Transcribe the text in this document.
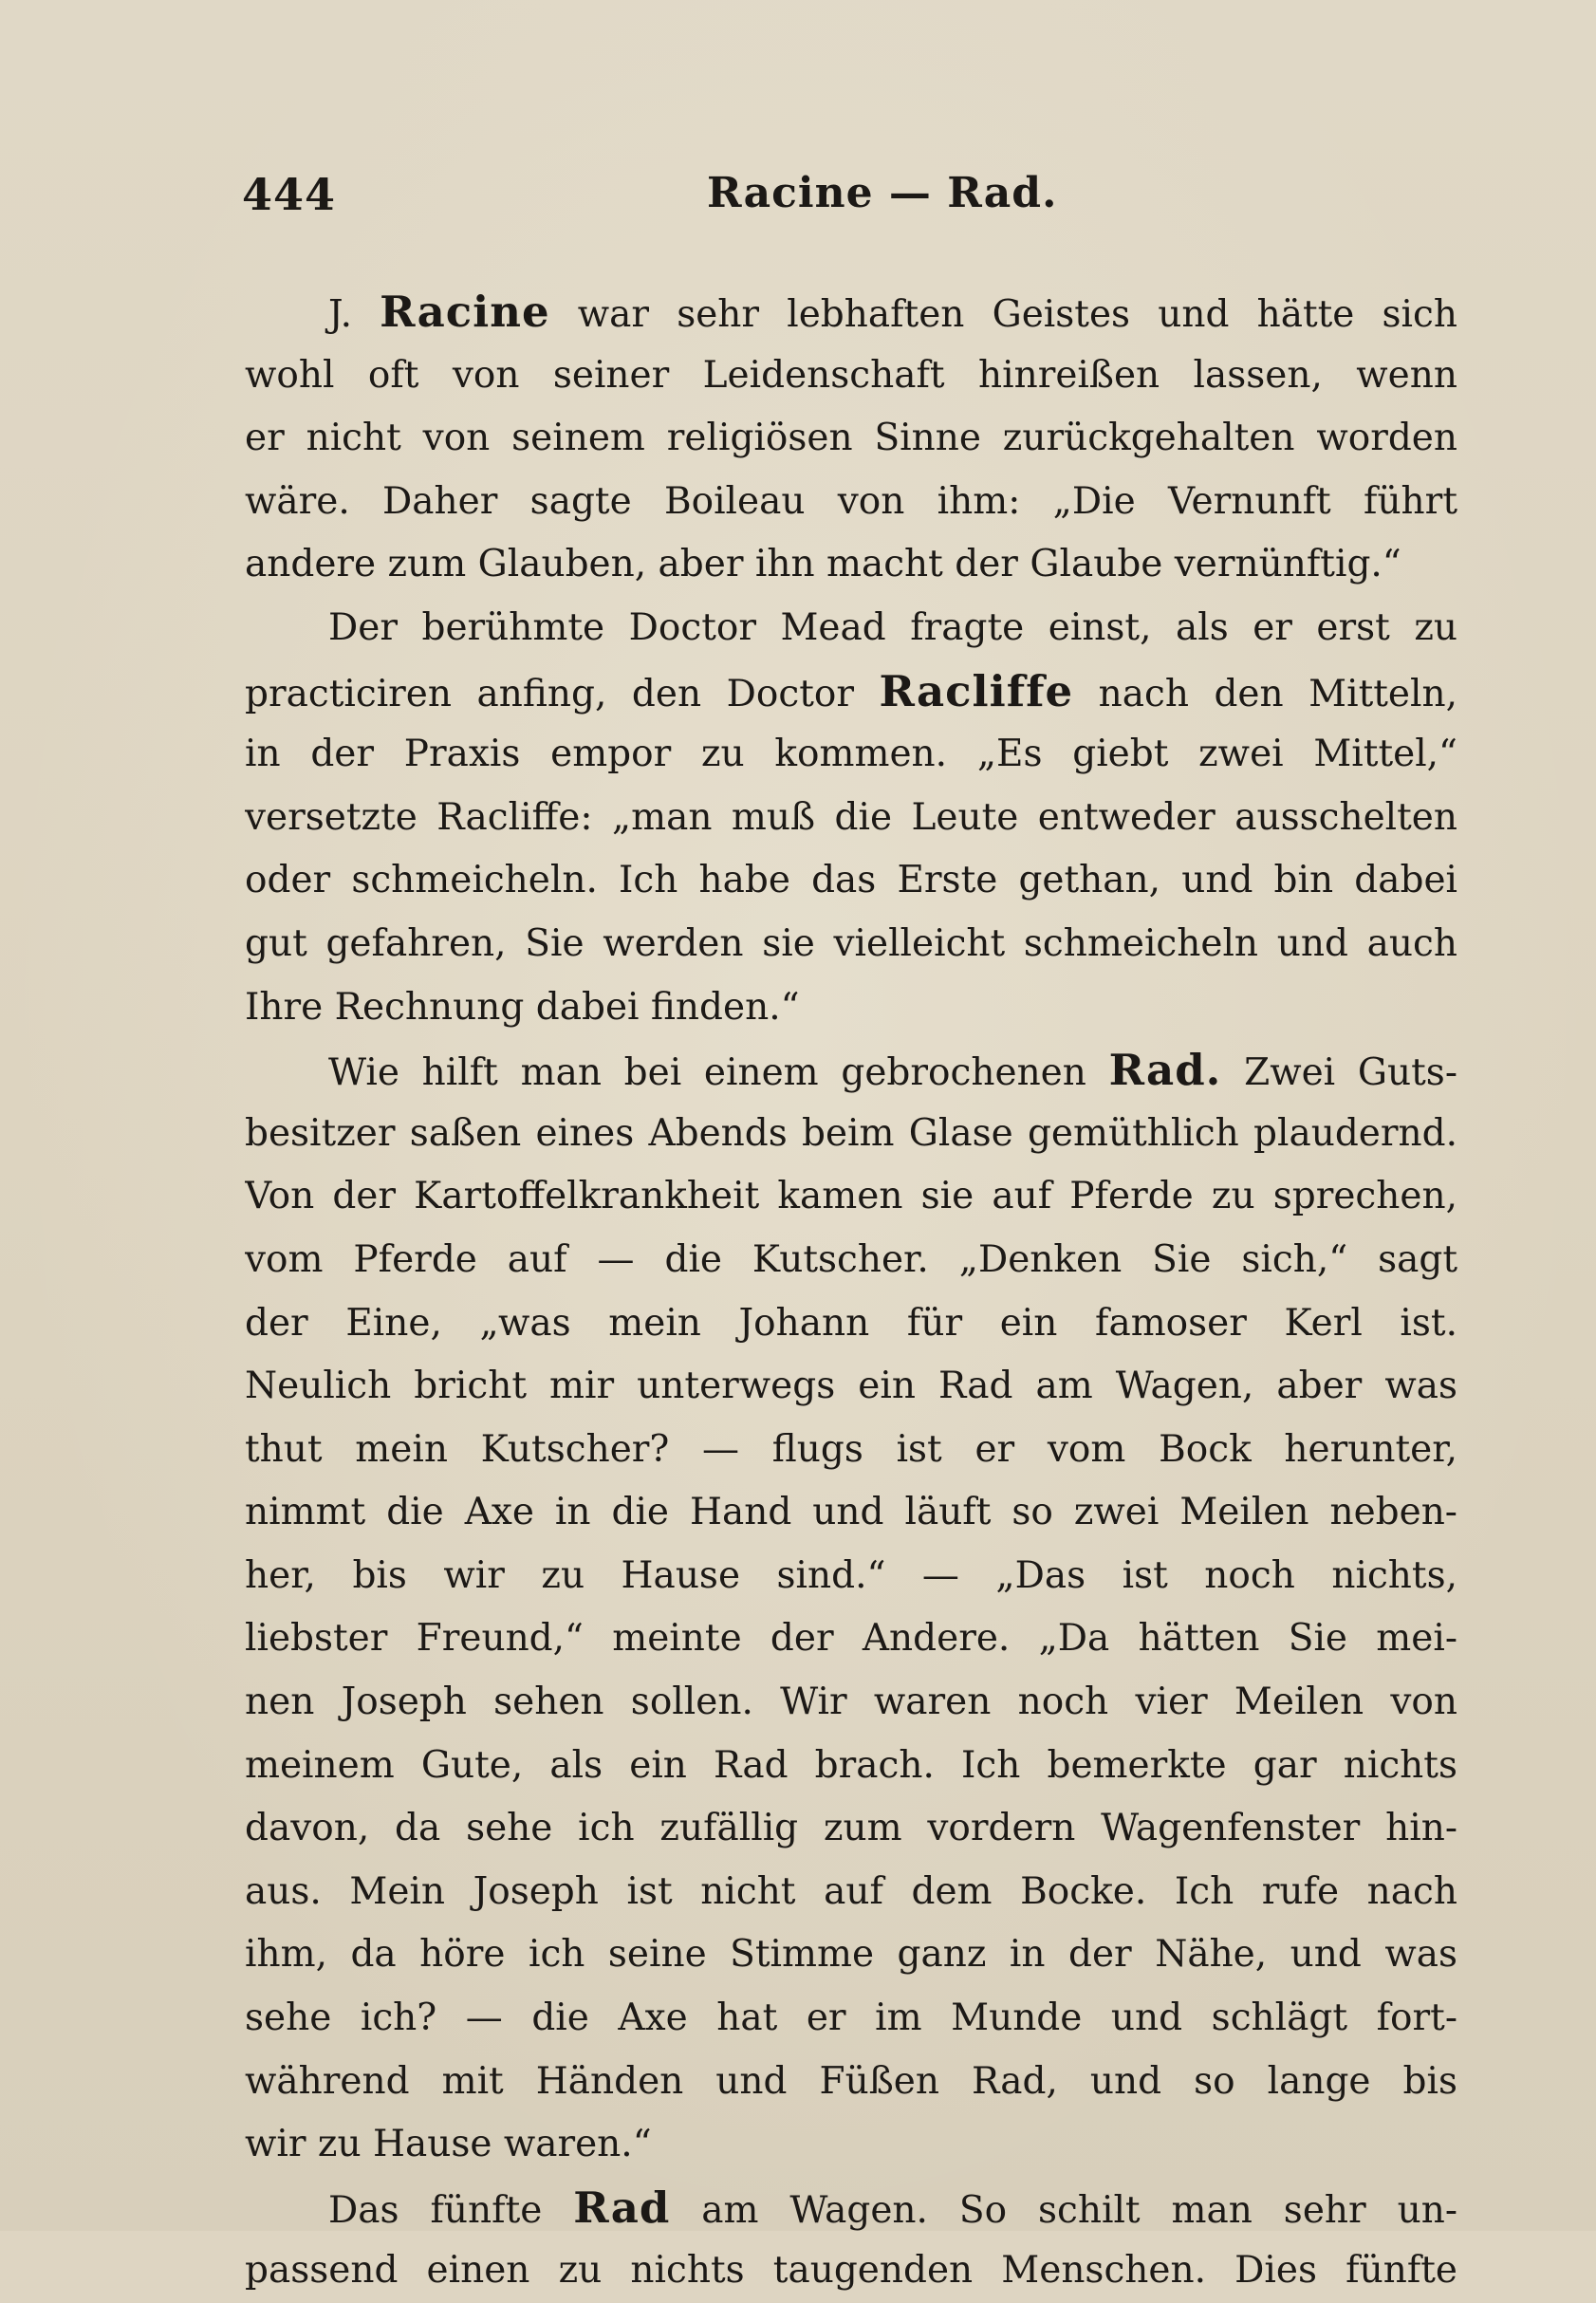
444	Racine — Rad.
J. Racine war sehr lebhaften Geistes und hätte sich
wohl oft von seiner Leidenschaft hinreißen lassen, wenn
er nicht von seinem religiösen Sinne zurückgehalten worden
wäre. Daher sagte Boileau von ihm: „Die Vernunft führt
andere zum Glauben, aber ihn macht der Glaube vernünftig.“
Der berühmte Doctor Mead fragte einst, als er erst zu
practiciren anfing, den Doctor Racliffe nach den Mitteln,
in der Praxis empor zu kommen. „Es giebt zwei Mittel,“
versetzte Racliffe: „man muß die Leute entweder ausschelten
oder schmeicheln. Ich habe das Erste gethan, und bin dabei
gut gefahren, Sie werden sie vielleicht schmeicheln und auch
Ihre Rechnung dabei finden.“
Wie hilft man bei einem gebrochenen Rad. Zwei Guts-
besitzer saßen eines Abends beim Glase gemüthlich plaudernd.
Von der Kartoffelkrankheit kamen sie auf Pferde zu sprechen,
vom Pferde auf — die Kutscher. „Denken Sie sich,“ sagt
der Eine, „was mein Johann für ein famoser Kerl ist.
Neulich bricht mir unterwegs ein Rad am Wagen, aber was
thut mein Kutscher? — flugs ist er vom Bock herunter,
nimmt die Axe in die Hand und läuft so zwei Meilen neben-
her, bis wir zu Hause sind.“ — „Das ist noch nichts,
liebster Freund,“ meinte der Andere. „Da hätten Sie mei-
nen Joseph sehen sollen. Wir waren noch vier Meilen von
meinem Gute, als ein Rad brach. Ich bemerkte gar nichts
davon, da sehe ich zufällig zum vordern Wagenfenster hin-
aus. Mein Joseph ist nicht auf dem Bocke. Ich rufe nach
ihm, da höre ich seine Stimme ganz in der Nähe, und was
sehe ich? — die Axe hat er im Munde und schlägt fort-
während mit Händen und Füßen Rad, und so lange bis
wir zu Hause waren.“
Das fünfte Rad am Wagen. So schilt man sehr un-
passend einen zu nichts taugenden Menschen. Dies fünfte
